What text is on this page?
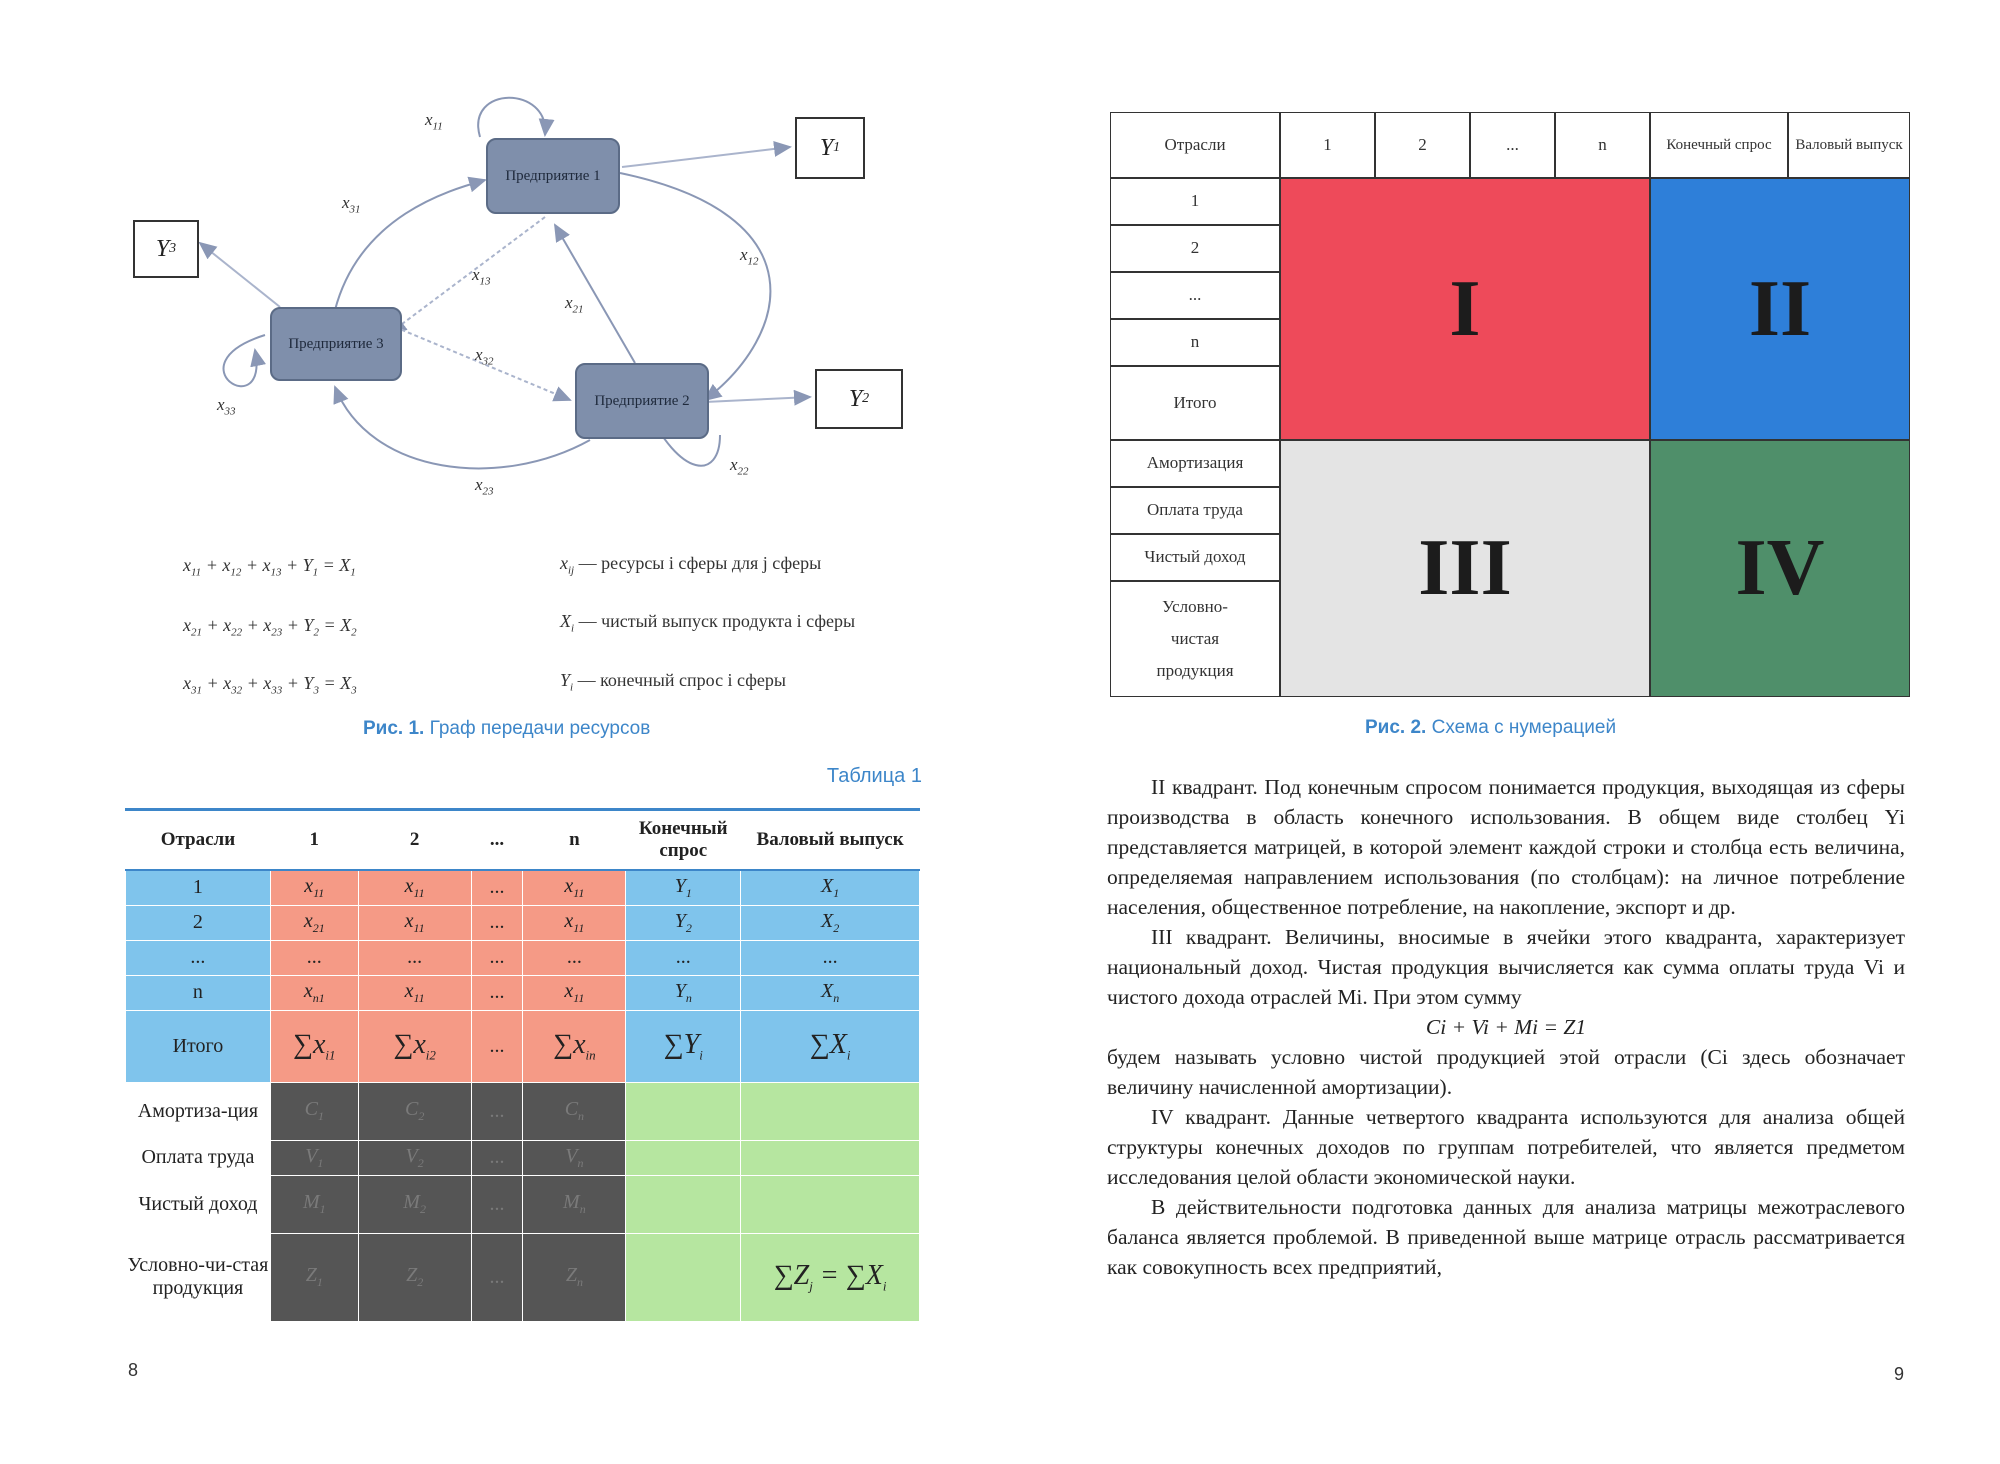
Предприятие 1
Предприятие 2
Предприятие 3
Y 1
Y 3
Y 2
$x_{11}$
$x_{12}$
$x_{13}$
$x_{21}$
$x_{22}$
$x_{23}$
$x_{31}$
$x_{32}$
$x_{33}$
$x_{11} + x_{12} + x_{13} + Y_1 = X_1$
$x_{21} + x_{22} + x_{23} + Y_2 = X_2$
$x_{31} + x_{32} + x_{33} + Y_3 = X_3$
$x_{ij}$ — ресурсы i сферы для j сферы
$X_i$ — чистый выпуск продукта i сферы
$Y_i$ — конечный спрос i сферы
Рис. 1. Граф передачи ресурсов
Таблица 1
Отрасли	1	2	...	n	Конечный спрос	Валовый выпуск
1	$x_{11}$	$x_{11}$	...	$x_{11}$	$Y_1$	$X_1$
2	$x_{21}$	$x_{11}$	...	$x_{11}$	$Y_2$	$X_2$
...	...	...	...	...	...	...
n	$x_{n1}$	$x_{11}$	...	$x_{11}$	$Y_n$	$X_n$
Итого	$\sum x_{i1}$	$\sum x_{i2}$	...	$\sum x_{in}$	$\sum Y_i$	$\sum X_i$
Амортиза-ция	$C_1$	$C_2$	...	$C_n$		
Оплата труда	$V_1$	$V_2$	...	$V_n$		
Чистый доход	$M_1$	$M_2$	...	$M_n$		
Условно-чи-стая продукция	$Z_1$	$Z_2$	...	$Z_n$		$\sum Z_j = \sum X_i$
8
Отрасли	1	2	...	n	Конечный спрос	Валовый выпуск
1
2
...
n
Итого
Амортизация
Оплата труда
Чистый доход
Условно-чистая продукция
I	II
III	IV
Рис. 2. Схема с нумерацией

II квадрант. Под конечным спросом понимается продукция, выходящая из сферы производства в область конечного использования. В общем виде столбец Yi представляется матрицей, в которой элемент каждой строки и столбца есть величина, определяемая направлением использования (по столбцам): на личное потребление населения, общественное потребление, на накопление, экспорт и др.

III квадрант. Величины, вносимые в ячейки этого квадранта, характеризует национальный доход. Чистая продукция вычисляется как сумма оплаты труда Vi и чистого дохода отраслей Mi. При этом сумму

Ci + Vi + Mi = Z1

будем называть условно чистой продукцией этой отрасли (Ci здесь обозначает величину начисленной амортизации).

IV квадрант. Данные четвертого квадранта используются для анализа общей структуры конечных доходов по группам потребителей, что является предметом исследования целой области экономической науки.

В действительности подготовка данных для анализа матрицы межотраслевого баланса является проблемой. В приведенной выше матрице отрасль рассматривается как совокупность всех предприятий,

9
